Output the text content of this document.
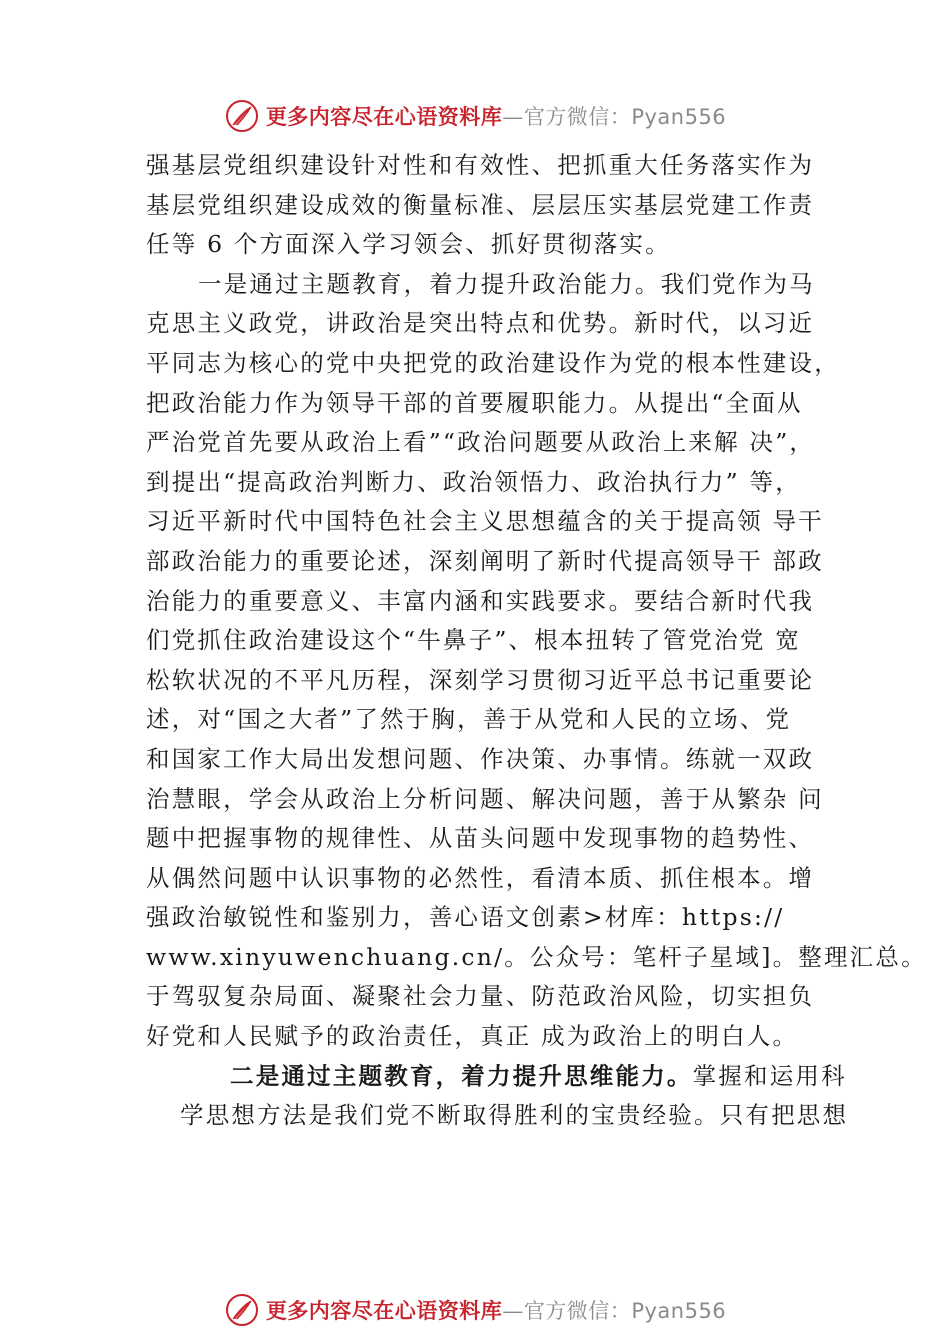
更多内容尽在心语资料库—官方微信：Pyan556
强基层党组织建设针对性和有效性、把抓重大任务落实作为
基层党组织建设成效的衡量标准、层层压实基层党建工作责
任等 6 个方面深入学习领会、抓好贯彻落实。
一是通过主题教育，着力提升政治能力。我们党作为马
克思主义政党，讲政治是突出特点和优势。新时代，以习近
平同志为核心的党中央把党的政治建设作为党的根本性建设，
把政治能力作为领导干部的首要履职能力。从提出“全面从
严治党首先要从政治上看”“政治问题要从政治上来解 决”，
到提出“提高政治判断力、政治领悟力、政治执行力” 等，
习近平新时代中国特色社会主义思想蕴含的关于提高领 导干
部政治能力的重要论述，深刻阐明了新时代提高领导干 部政
治能力的重要意义、丰富内涵和实践要求。要结合新时代我
们党抓住政治建设这个“牛鼻子”、根本扭转了管党治党 宽
松软状况的不平凡历程，深刻学习贯彻习近平总书记重要论
述，对“国之大者”了然于胸，善于从党和人民的立场、党
和国家工作大局出发想问题、作决策、办事情。练就一双政
治慧眼，学会从政治上分析问题、解决问题，善于从繁杂 问
题中把握事物的规律性、从苗头问题中发现事物的趋势性、
从偶然问题中认识事物的必然性，看清本质、抓住根本。增
强政治敏锐性和鉴别力，善心语文创素>材库：https://
www.xinyuwenchuang.cn/。公众号：笔杆子星域]。整理汇总。
于驾驭复杂局面、凝聚社会力量、防范政治风险，切实担负
好党和人民赋予的政治责任，真正 成为政治上的明白人。
二是通过主题教育，着力提升思维能力。掌握和运用科
学思想方法是我们党不断取得胜利的宝贵经验。只有把思想
更多内容尽在心语资料库—官方微信：Pyan556
